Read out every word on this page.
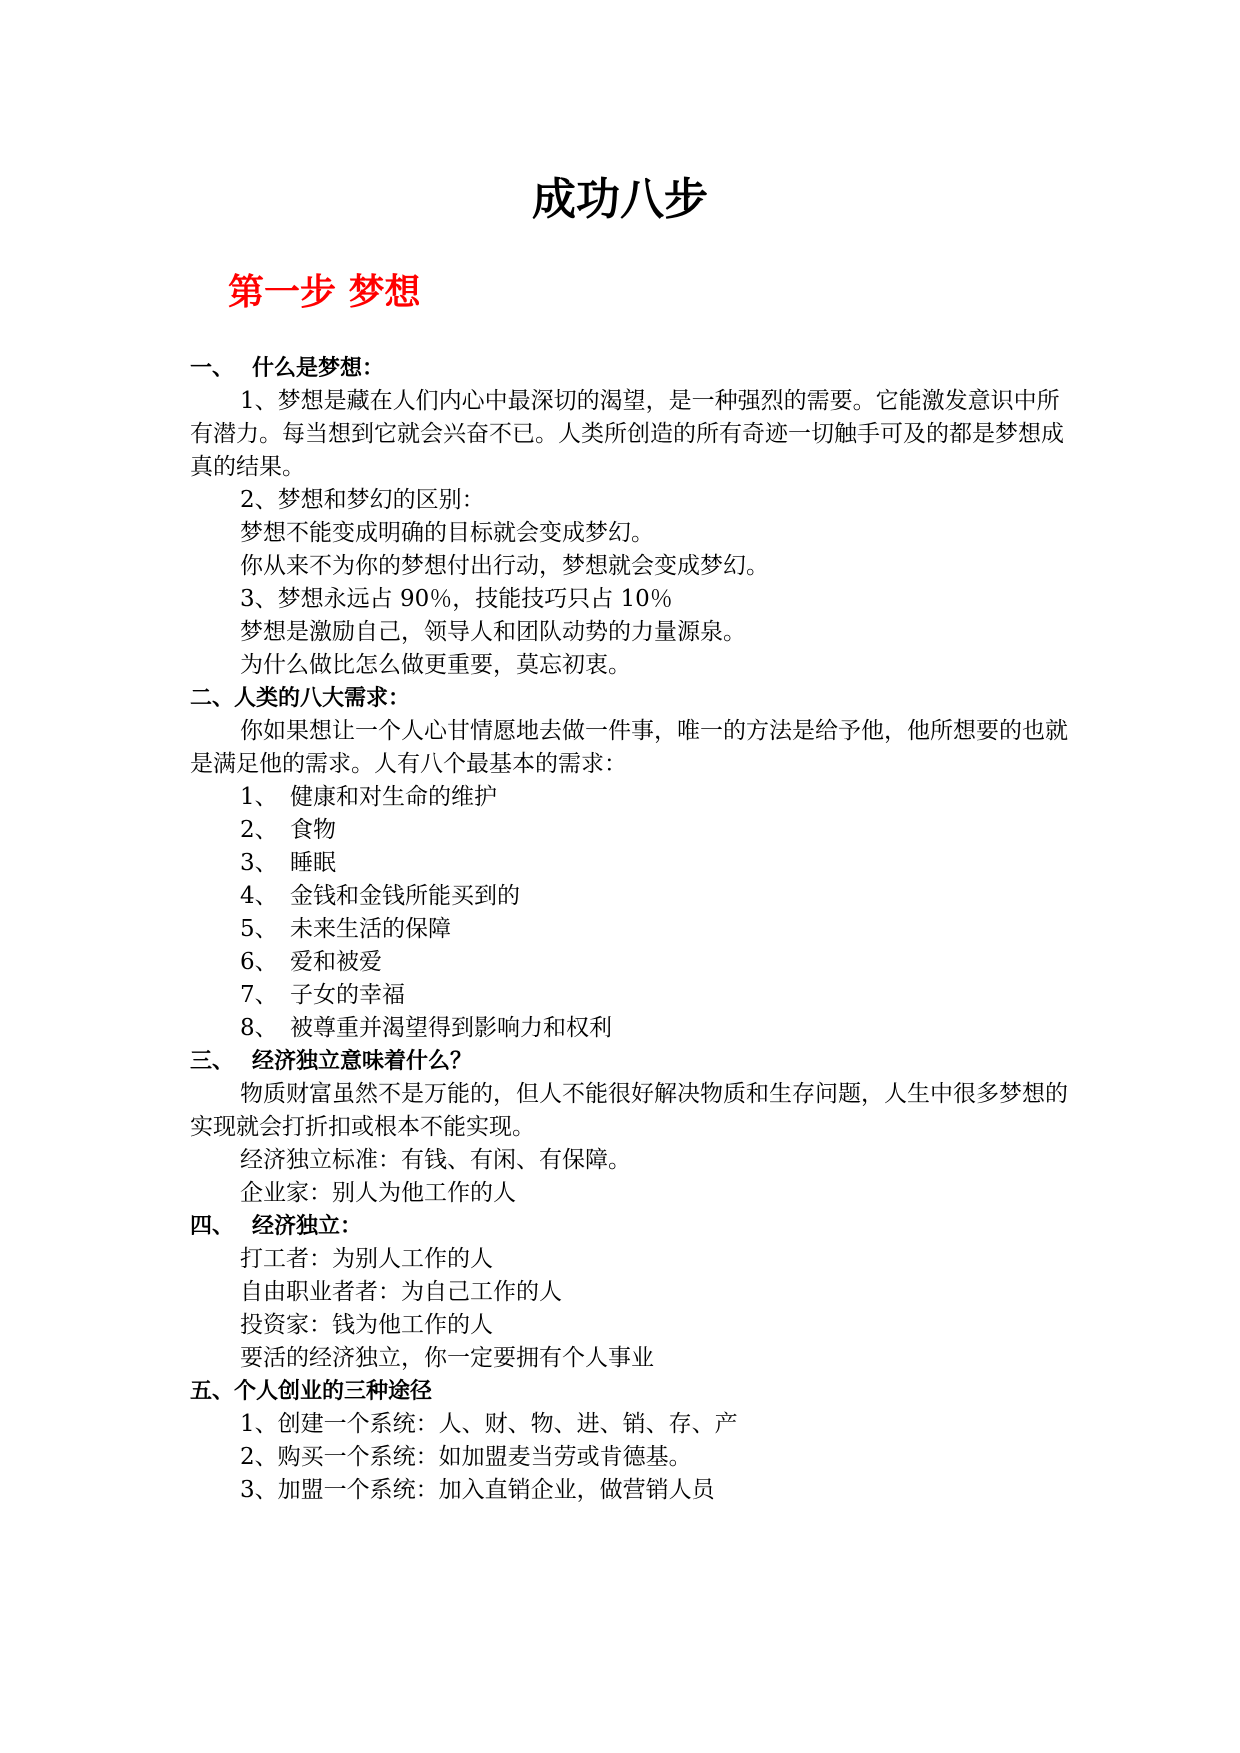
成功八步
第一步 梦想
一、 什么是梦想：

1、梦想是藏在人们内心中最深切的渴望，是一种强烈的需要。它能激发意识中所有潜力。每当想到它就会兴奋不已。人类所创造的所有奇迹一切触手可及的都是梦想成真的结果。

2、梦想和梦幻的区别：

梦想不能变成明确的目标就会变成梦幻。

你从来不为你的梦想付出行动，梦想就会变成梦幻。

3、梦想永远占 90％，技能技巧只占 10％

梦想是激励自己，领导人和团队动势的力量源泉。

为什么做比怎么做更重要，莫忘初衷。

二、人类的八大需求：

你如果想让一个人心甘情愿地去做一件事，唯一的方法是给予他，他所想要的也就是满足他的需求。人有八个最基本的需求：

1、 健康和对生命的维护
2、 食物
3、 睡眠
4、 金钱和金钱所能买到的
5、 未来生活的保障
6、 爱和被爱
7、 子女的幸福
8、 被尊重并渴望得到影响力和权利
三、 经济独立意味着什么？

物质财富虽然不是万能的，但人不能很好解决物质和生存问题，人生中很多梦想的实现就会打折扣或根本不能实现。

经济独立标准：有钱、有闲、有保障。

企业家：别人为他工作的人

四、 经济独立：

打工者：为别人工作的人

自由职业者者：为自己工作的人

投资家：钱为他工作的人

要活的经济独立，你一定要拥有个人事业

五、个人创业的三种途径

1、创建一个系统：人、财、物、进、销、存、产

2、购买一个系统：如加盟麦当劳或肯德基。

3、加盟一个系统：加入直销企业，做营销人员
